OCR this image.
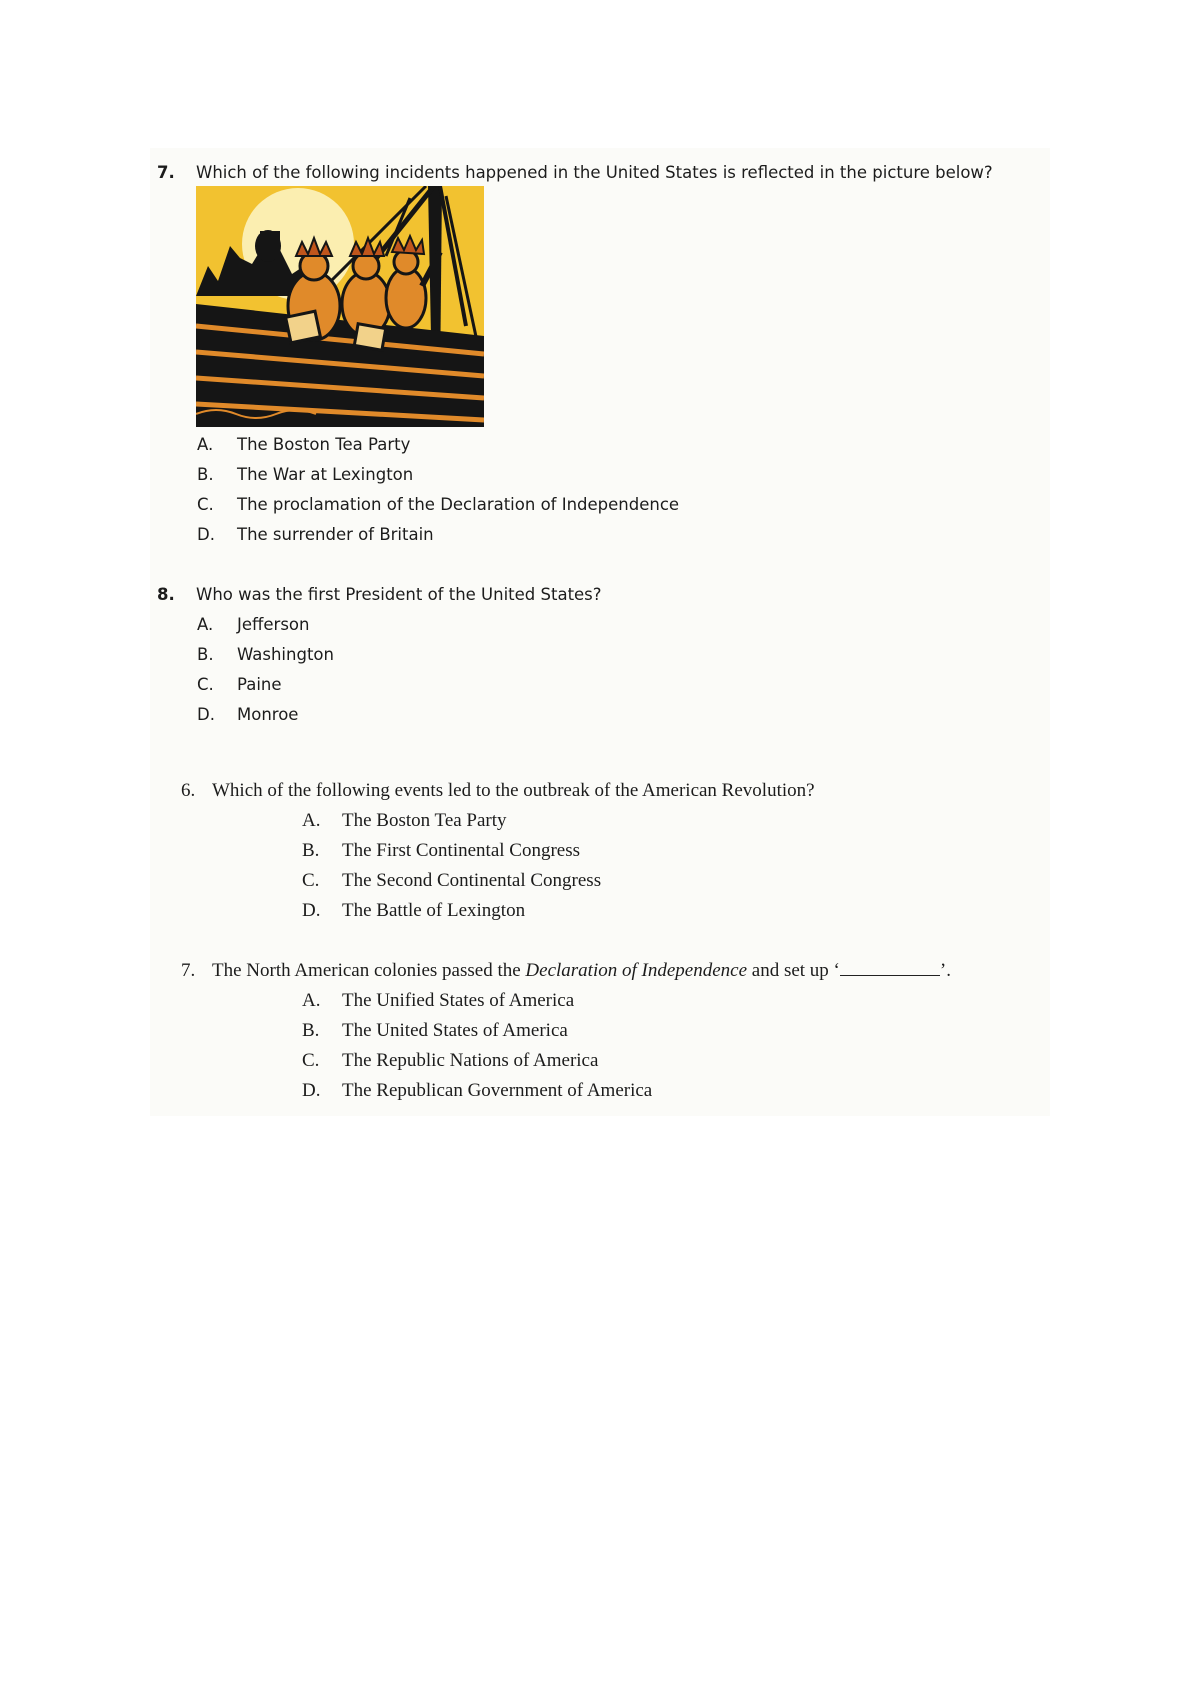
7. Which of the following incidents happened in the United States is reflected in the picture below?
A. The Boston Tea Party
B. The War at Lexington
C. The proclamation of the Declaration of Independence
D. The surrender of Britain
8. Who was the first President of the United States?
A. Jefferson
B. Washington
C. Paine
D. Monroe
6. Which of the following events led to the outbreak of the American Revolution?
A. The Boston Tea Party
B. The First Continental Congress
C. The Second Continental Congress
D. The Battle of Lexington
7. The North American colonies passed the Declaration of Independence and set up ‘	’.
A. The Unified States of America
B. The United States of America
C. The Republic Nations of America
D. The Republican Government of America
